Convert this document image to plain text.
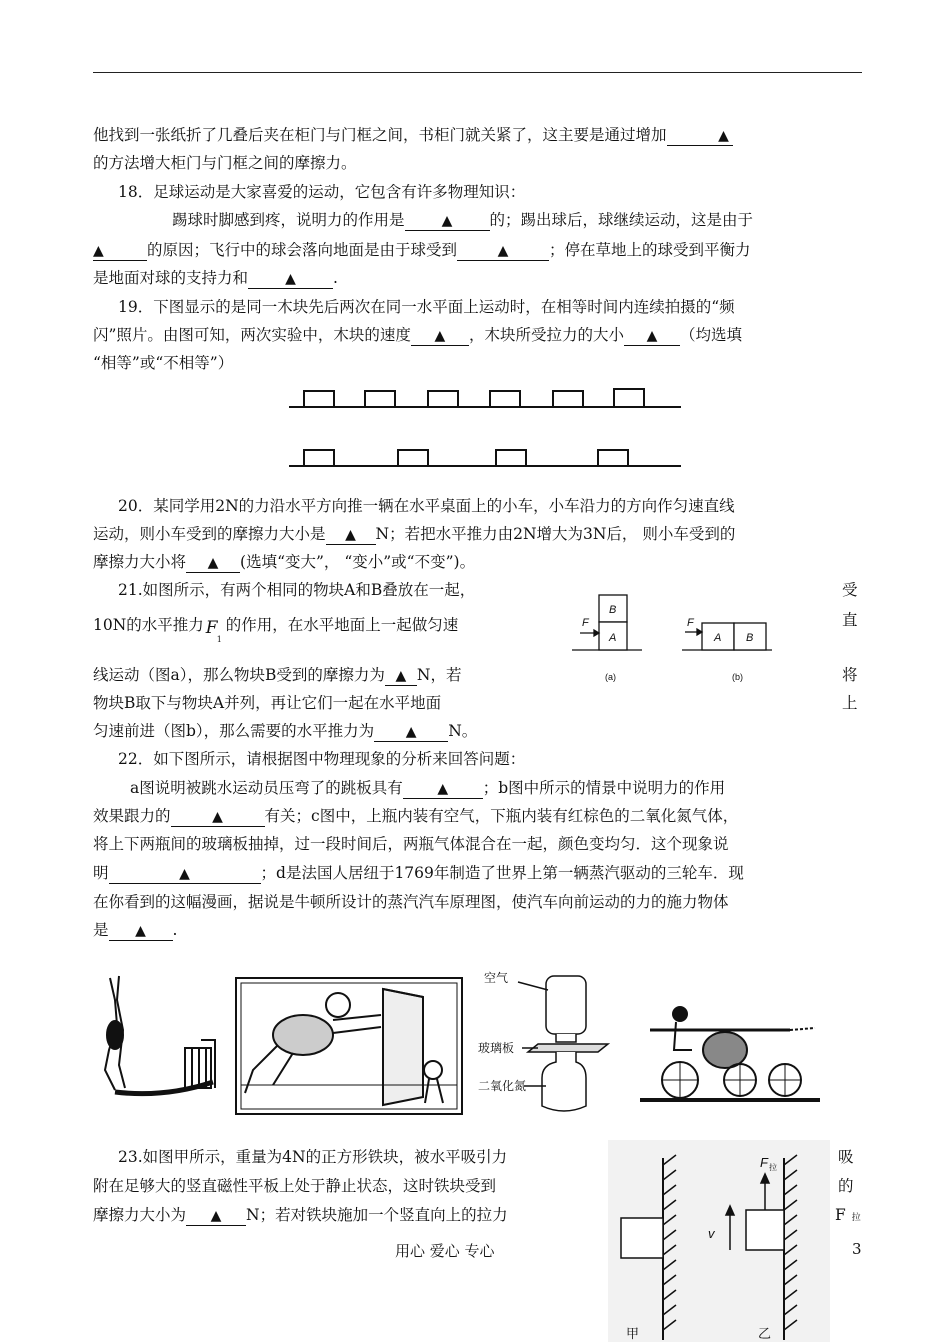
他找到一张纸折了几叠后夹在柜门与门框之间，书柜门就关紧了，这主要是通过增加	▲
的方法增大柜门与门框之间的摩擦力。
18．足球运动是大家喜爱的运动，它包含有许多物理知识：
踢球时脚感到疼，说明力的作用是	▲ 的；踢出球后，球继续运动，这是由于
▲	的原因；飞行中的球会落向地面是由于球受到	▲	；停在草地上的球受到平衡力
是地面对球的支持力和	▲ .
19．下图显示的是同一木块先后两次在同一水平面上运动时，在相等时间内连续拍摄的“频
闪”照片。由图可知，两次实验中，木块的速度 ▲ ，木块所受拉力的大小 ▲ （均选填
“相等”或“不相等”）
20．某同学用2N的力沿水平方向推一辆在水平桌面上的小车，小车沿力的方向作匀速直线
运动，则小车受到的摩擦力大小是 ▲ N；若把水平推力由2N增大为3N后， 则小车受到的
摩擦力大小将 ▲ (选填“变大”， “变小”或“不变”)。
21.如图所示，有两个相同的物块A和B叠放在一起，	受
10N的水平推力 F
1
的作用，在水平地面上一起做匀速	直
线运动（图a），那么物块B受到的摩擦力为 ▲ N，若	将
物块B取下与物块A并列，再让它们一起在水平地面	上
匀速前进（图b），那么需要的水平推力为 ▲ N。
B
A
F
A B
F
(a)	(b)
22．如下图所示，请根据图中物理现象的分析来回答问题：
a图说明被跳水运动员压弯了的跳板具有 ▲ ；b图中所示的情景中说明力的作用
效果跟力的	▲	有关；c图中，上瓶内装有空气，下瓶内装有红棕色的二氧化氮气体，
将上下两瓶间的玻璃板抽掉，过一段时间后，两瓶气体混合在一起，颜色变均匀．这个现象说
明	▲	；d是法国人居纽于1769年制造了世界上第一辆蒸汽驱动的三轮车．现
在你看到的这幅漫画，据说是牛顿所设计的蒸汽汽车原理图，使汽车向前运动的力的施力物体
是 ▲ .
空气
玻璃板
二氧化氮
23.如图甲所示，重量为4N的正方形铁块，被水平吸引力	吸
附在足够大的竖直磁性平板上处于静止状态，这时铁块受到	的
摩擦力大小为 ▲ N；若对铁块施加一个竖直向上的拉力	F拉
F 拉
v
甲	乙
用心 爱心 专心	3
